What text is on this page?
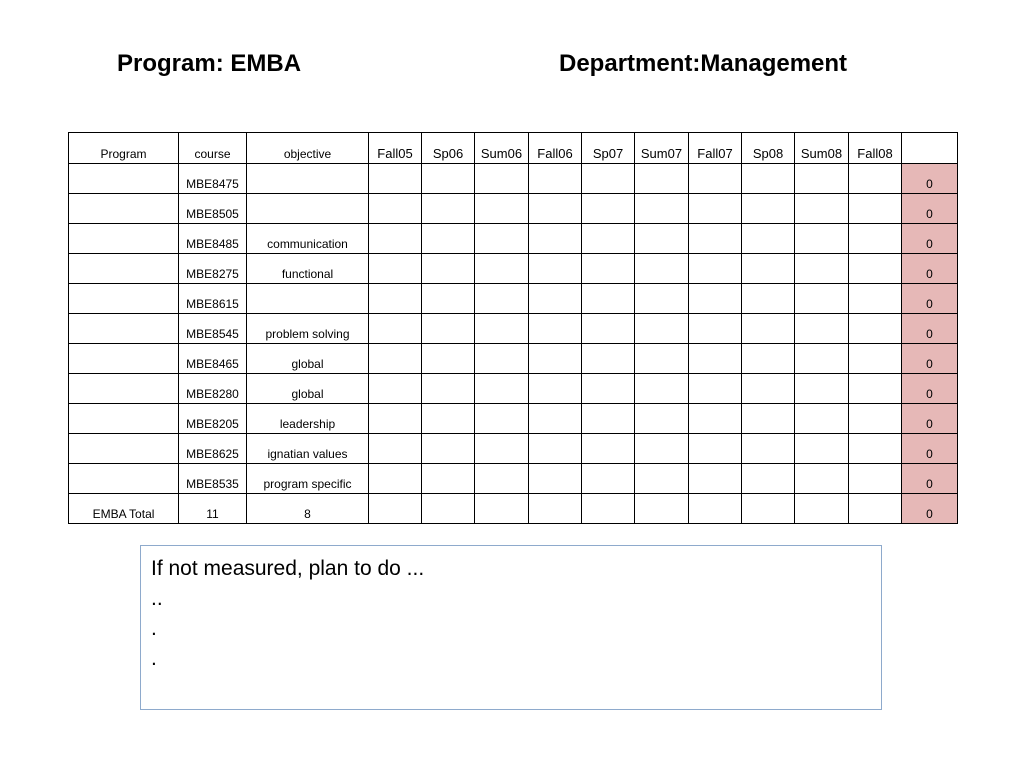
Program: EMBA	Department:Management
Program	course	objective	Fall05	Sp06	Sum06	Fall06	Sp07	Sum07	Fall07	Sp08	Sum08	Fall08	
	MBE8475												0
	MBE8505												0
	MBE8485	communication											0
	MBE8275	functional											0
	MBE8615												0
	MBE8545	problem solving											0
	MBE8465	global											0
	MBE8280	global											0
	MBE8205	leadership											0
	MBE8625	ignatian values											0
	MBE8535	program specific											0
EMBA Total	11	8											0
If not measured, plan to do ...
..
.
.
